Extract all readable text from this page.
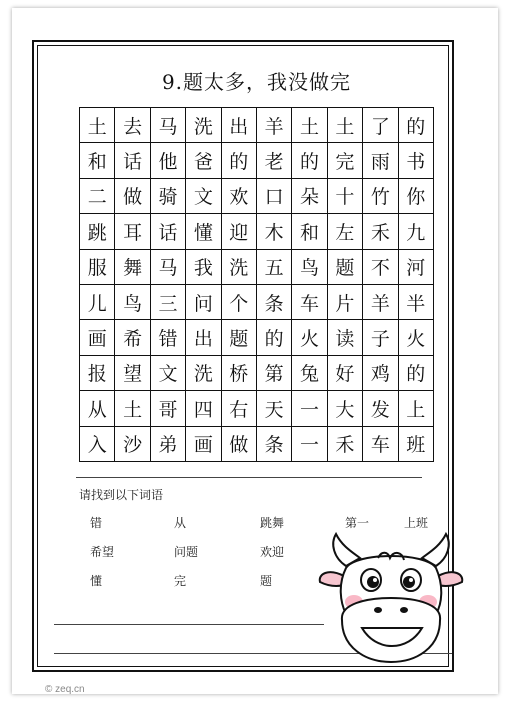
9.题太多，我没做完
土 去 马 洗 出 羊 土 土 了 的
和 话 他 爸 的 老 的 完 雨 书
二 做 骑 文 欢 口 朵 十 竹 你
跳 耳 话 懂 迎 木 和 左 禾 九
服 舞 马 我 洗 五 鸟 题 不 河
儿 鸟 三 问 个 条 车 片 羊 半
画 希 错 出 题 的 火 读 子 火
报 望 文 洗 桥 第 兔 好 鸡 的
从 土 哥 四 右 天 一 大 发 上
入 沙 弟 画 做 条 一 禾 车 班
请找到以下词语
错	从	跳舞	第一	上班
希望	问题	欢迎
懂	完	题
© zeq.cn
